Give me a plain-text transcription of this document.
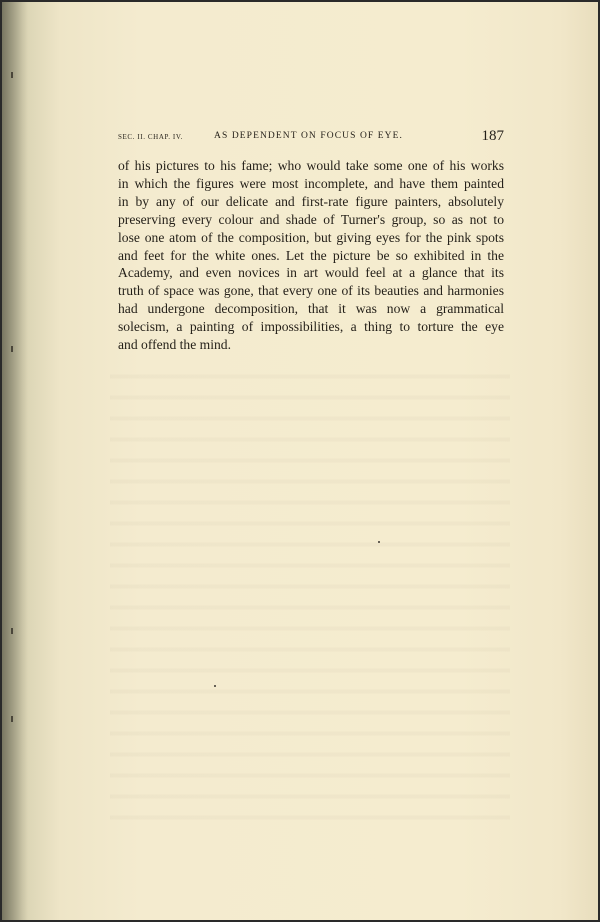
SEC. II. CHAP. IV.	AS DEPENDENT ON FOCUS OF EYE.	187
of his pictures to his fame; who would take some one of his works
in which the figures were most incomplete, and have them painted
in by any of our delicate and first-rate figure painters, absolutely
preserving every colour and shade of Turner's group, so as not to
lose one atom of the composition, but giving eyes for the pink spots
and feet for the white ones. Let the picture be so exhibited in the
Academy, and even novices in art would feel at a glance that its
truth of space was gone, that every one of its beauties and harmonies
had undergone decomposition, that it was now a grammatical
solecism, a painting of impossibilities, a thing to torture the eye
and offend the mind.
